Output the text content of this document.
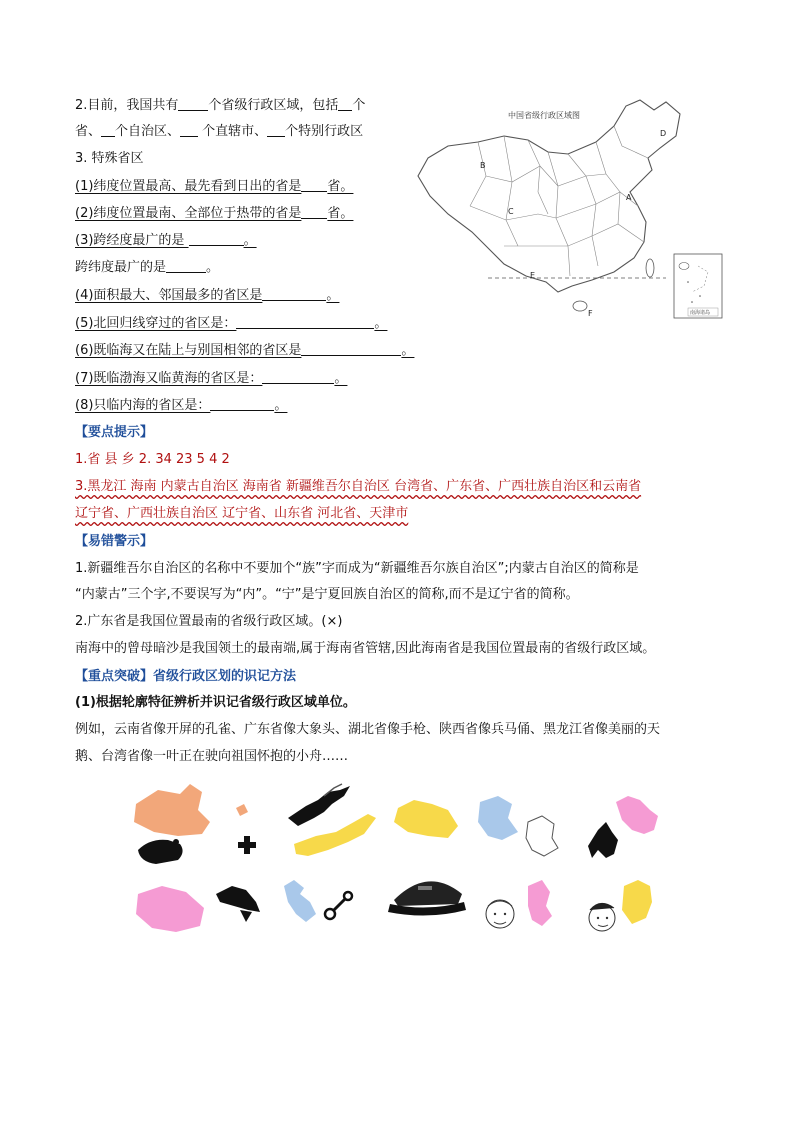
2.目前，我国共有 个省级行政区域，包括 个
省、 个自治区、 个直辖市、 个特别行政区
3. 特殊省区
(1)纬度位置最高、最先看到日出的省是 省。
(2)纬度位置最南、全部位于热带的省是 省。
(3)跨经度最广的是	。
跨纬度最广的是	。
(4)面积最大、邻国最多的省区是	。
(5)北回归线穿过的省区是：	。
(6)既临海又在陆上与别国相邻的省区是	。
(7)既临渤海又临黄海的省区是：	。
(8)只临内海的省区是：	。
中国省级行政区域图
B
C
D
A
E
F	南海诸岛
【要点提示】
1.省 县 乡 2. 34 23 5 4 2
3.黑龙江 海南 内蒙古自治区 海南省 新疆维吾尔自治区 台湾省、广东省、广西壮族自治区和云南省
辽宁省、广西壮族自治区 辽宁省、山东省 河北省、天津市
【易错警示】
1.新疆维吾尔自治区的名称中不要加个“族”字而成为“新疆维吾尔族自治区”;内蒙古自治区的简称是
“内蒙古”三个字,不要误写为“内”。“宁”是宁夏回族自治区的简称,而不是辽宁省的简称。
2.广东省是我国位置最南的省级行政区域。(×)
南海中的曾母暗沙是我国领土的最南端,属于海南省管辖,因此海南省是我国位置最南的省级行政区域。
【重点突破】省级行政区划的识记方法
(1)根据轮廓特征辨析并识记省级行政区域单位。
例如，云南省像开屏的孔雀、广东省像大象头、湖北省像手枪、陕西省像兵马俑、黑龙江省像美丽的天
鹅、台湾省像一叶正在驶向祖国怀抱的小舟……
